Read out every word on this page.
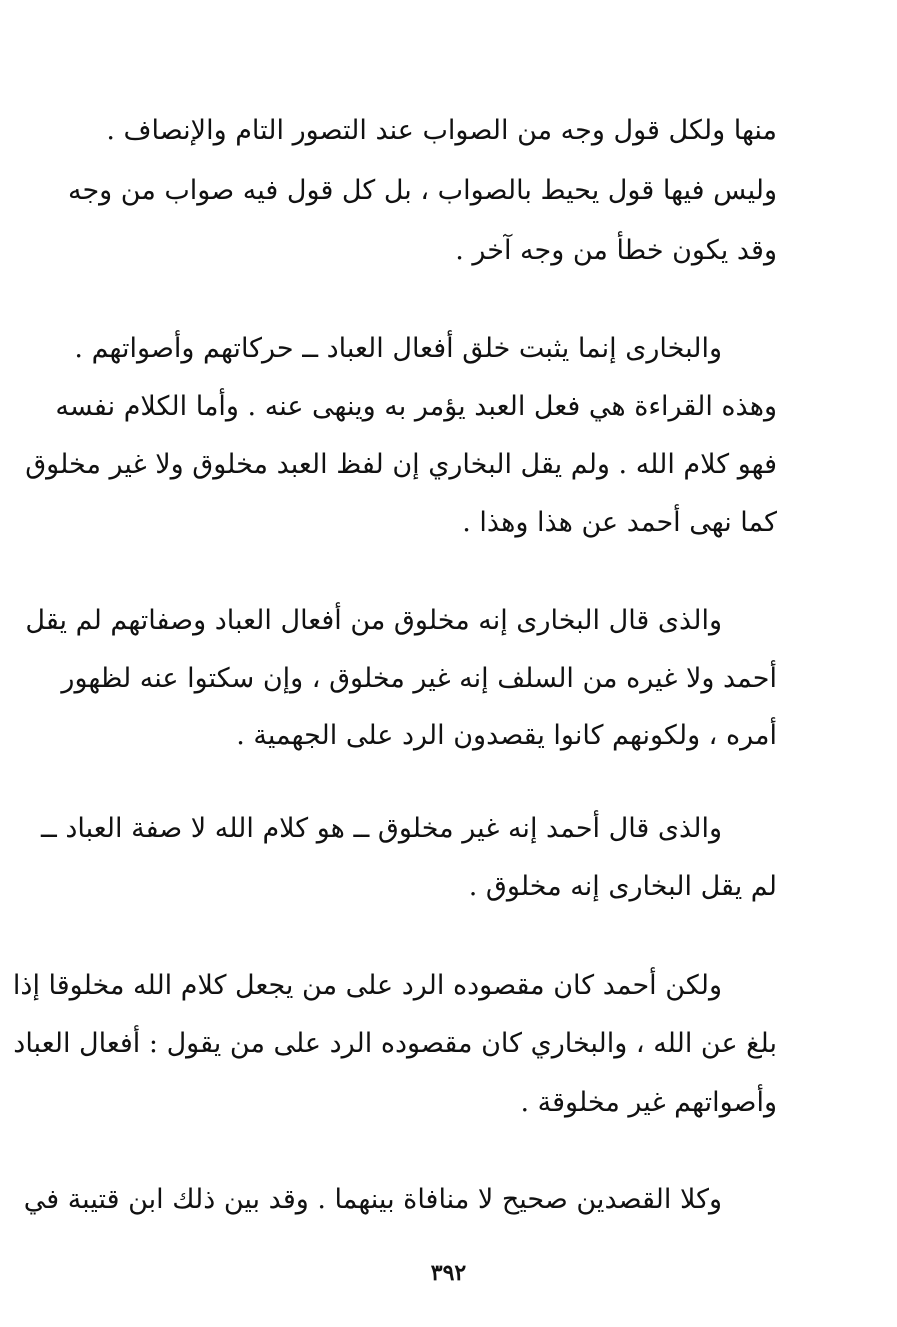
منها ولكل قول وجه من الصواب عند التصور التام والإنصاف .
وليس فيها قول يحيط بالصواب ، بل كل قول فيه صواب من وجه
وقد يكون خطأ من وجه آخر .
والبخارى إنما يثبت خلق أفعال العباد ــ حركاتهم وأصواتهم .
وهذه القراءة هي فعل العبد يؤمر به وينهى عنه . وأما الكلام نفسه
فهو كلام الله . ولم يقل البخاري إن لفظ العبد مخلوق ولا غير مخلوق
كما نهى أحمد عن هذا وهذا .
والذى قال البخارى إنه مخلوق من أفعال العباد وصفاتهم لم يقل
أحمد ولا غيره من السلف إنه غير مخلوق ، وإن سكتوا عنه لظهور
أمره ، ولكونهم كانوا يقصدون الرد على الجهمية .
والذى قال أحمد إنه غير مخلوق ــ هو كلام الله لا صفة العباد ــ
لم يقل البخارى إنه مخلوق .
ولكن أحمد كان مقصوده الرد على من يجعل كلام الله مخلوقا إذا
بلغ عن الله ، والبخاري كان مقصوده الرد على من يقول : أفعال العباد
وأصواتهم غير مخلوقة .
وكلا القصدين صحيح لا منافاة بينهما . وقد بين ذلك ابن قتيبة في
٣٩٢
